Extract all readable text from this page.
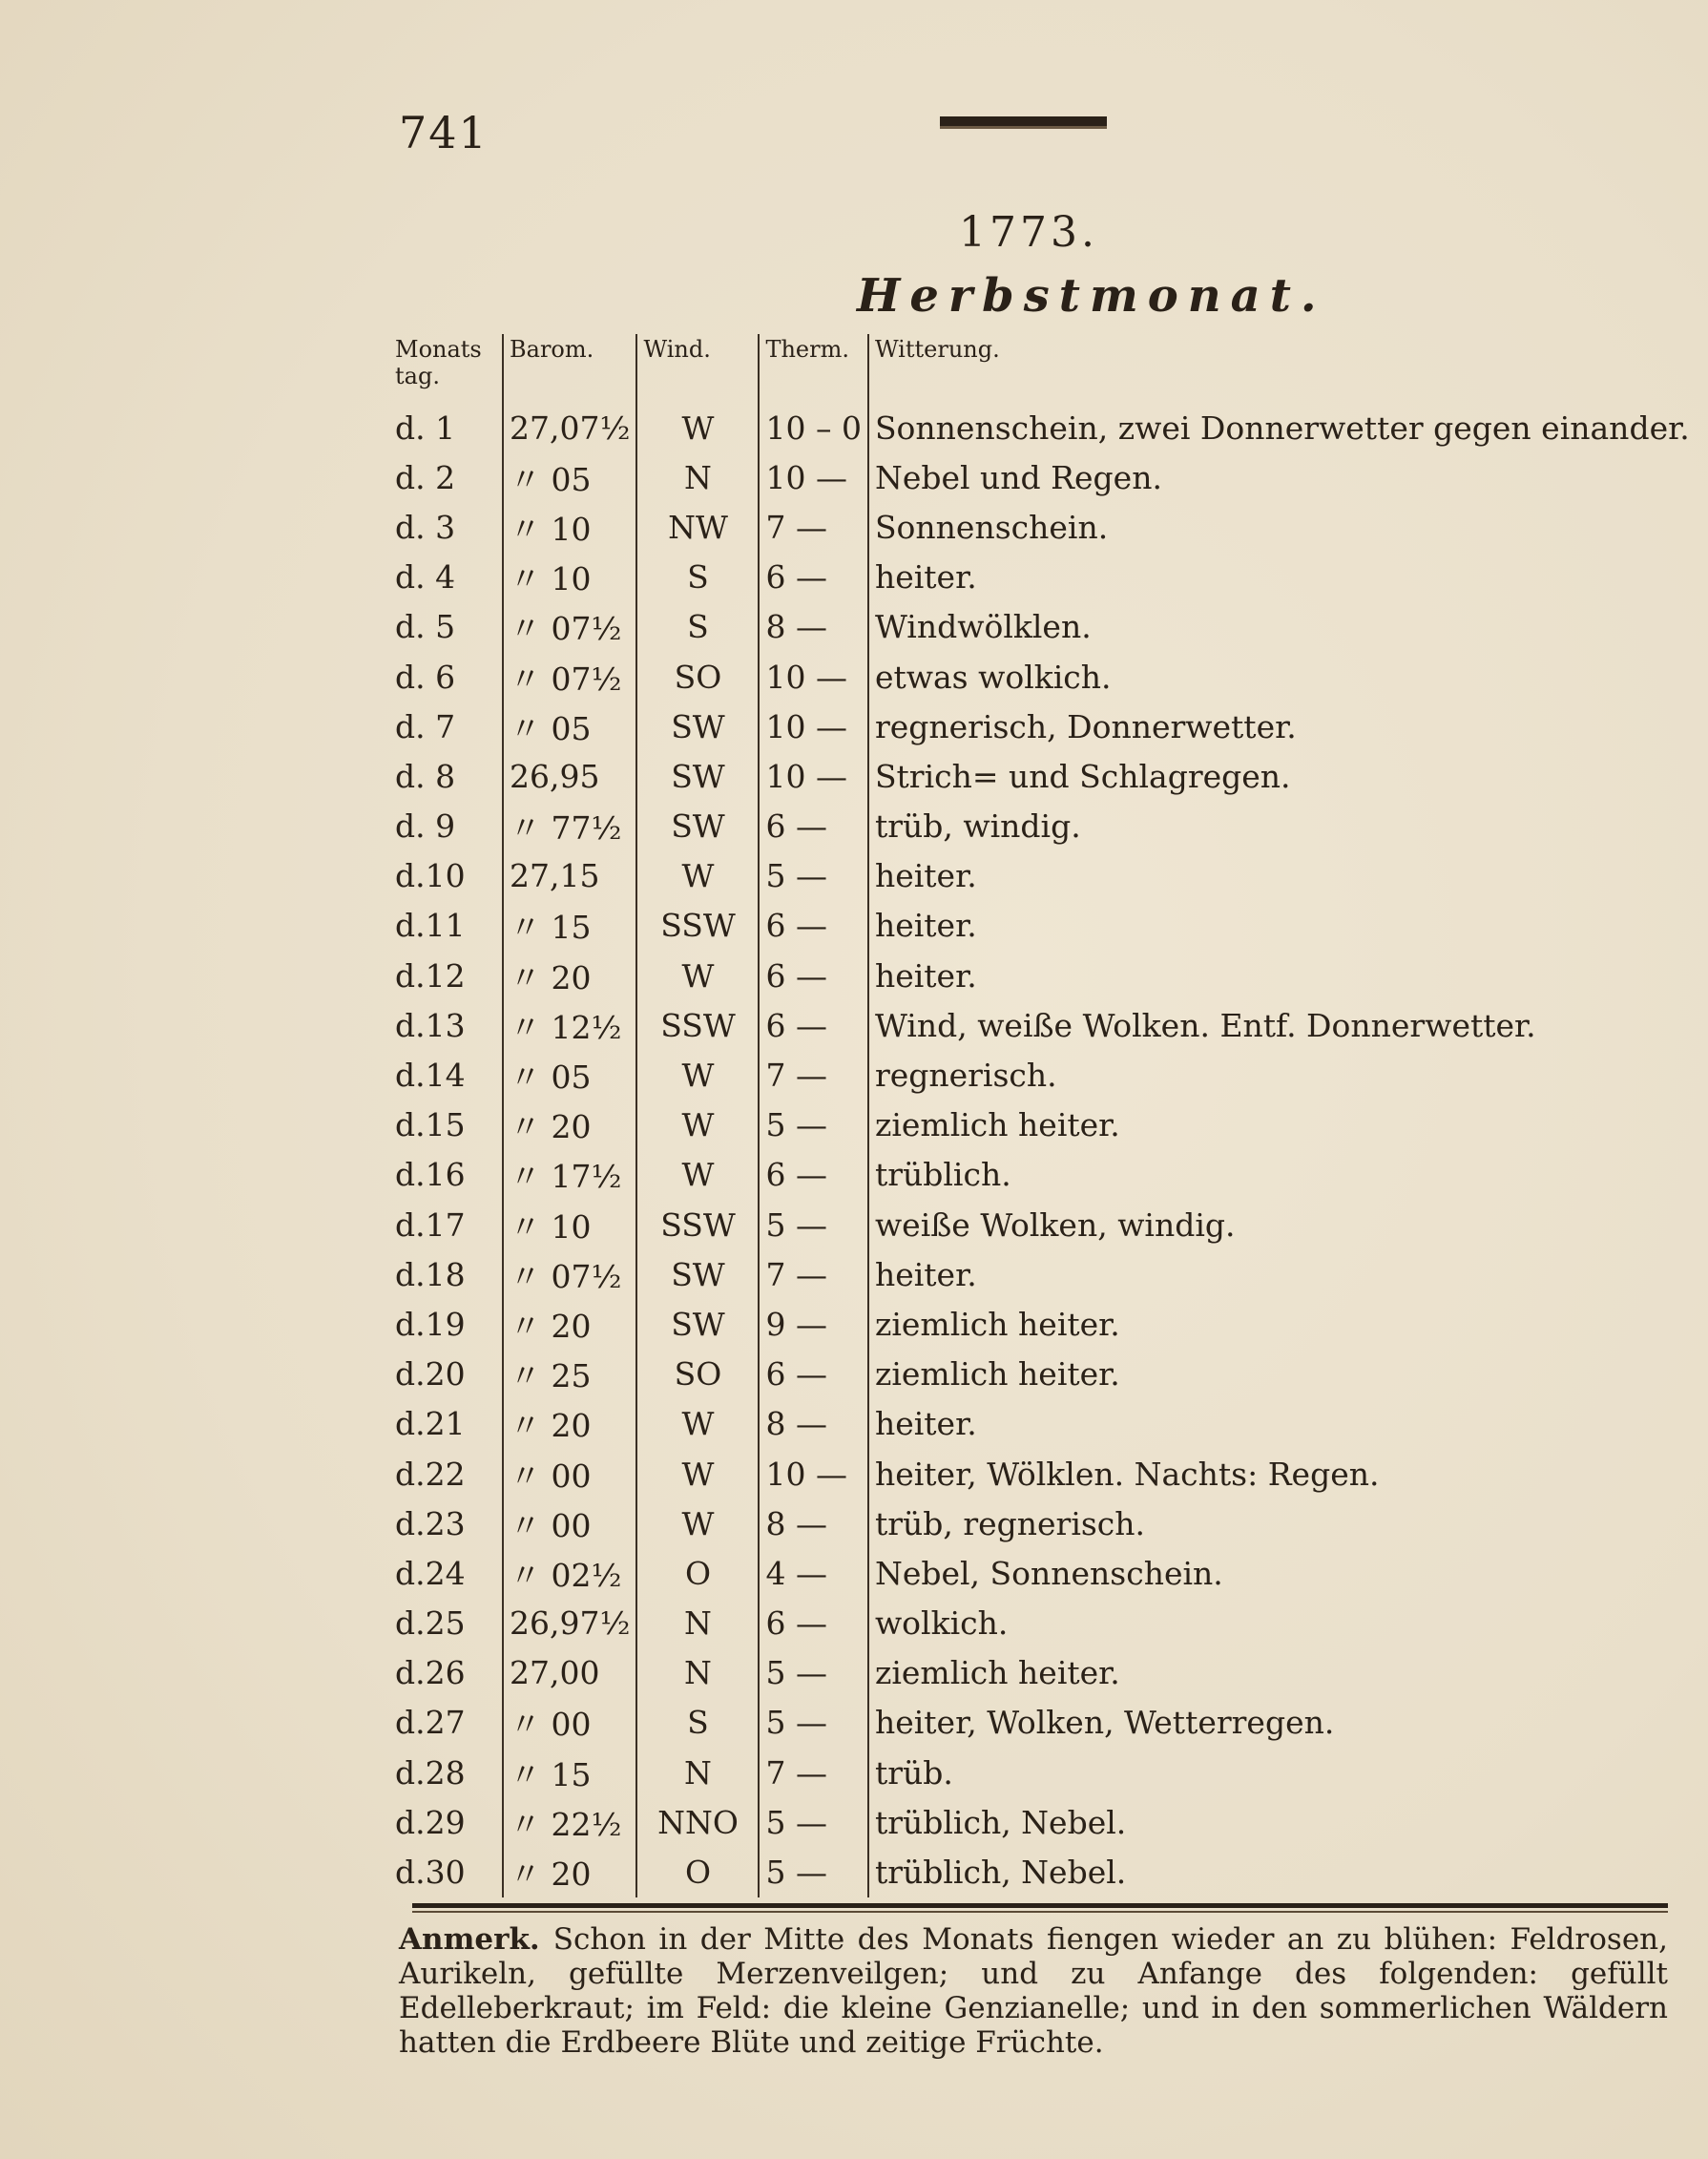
741
1773.
Herbstmonat.
Monats tag.	Barom.	Wind.	Therm.	Witterung.
d. 1	27,07½	W	10 – 0	Sonnenschein, zwei Donnerwetter gegen einander.
d. 2	〃 05	N	10 —	Nebel und Regen.
d. 3	〃 10	NW	7 —	Sonnenschein.
d. 4	〃 10	S	6 —	heiter.
d. 5	〃 07½	S	8 —	Windwölklen.
d. 6	〃 07½	SO	10 —	etwas wolkich.
d. 7	〃 05	SW	10 —	regnerisch, Donnerwetter.
d. 8	26,95	SW	10 —	Strich= und Schlagregen.
d. 9	〃 77½	SW	6 —	trüb, windig.
d.10	27,15	W	5 —	heiter.
d.11	〃 15	SSW	6 —	heiter.
d.12	〃 20	W	6 —	heiter.
d.13	〃 12½	SSW	6 —	Wind, weiße Wolken. Entf. Donnerwetter.
d.14	〃 05	W	7 —	regnerisch.
d.15	〃 20	W	5 —	ziemlich heiter.
d.16	〃 17½	W	6 —	trüblich.
d.17	〃 10	SSW	5 —	weiße Wolken, windig.
d.18	〃 07½	SW	7 —	heiter.
d.19	〃 20	SW	9 —	ziemlich heiter.
d.20	〃 25	SO	6 —	ziemlich heiter.
d.21	〃 20	W	8 —	heiter.
d.22	〃 00	W	10 —	heiter, Wölklen. Nachts: Regen.
d.23	〃 00	W	8 —	trüb, regnerisch.
d.24	〃 02½	O	4 —	Nebel, Sonnenschein.
d.25	26,97½	N	6 —	wolkich.
d.26	27,00	N	5 —	ziemlich heiter.
d.27	〃 00	S	5 —	heiter, Wolken, Wetterregen.
d.28	〃 15	N	7 —	trüb.
d.29	〃 22½	NNO	5 —	trüblich, Nebel.
d.30	〃 20	O	5 —	trüblich, Nebel.
Anmerk. Schon in der Mitte des Monats fiengen wieder an zu blühen: Feldrosen, Aurikeln, gefüllte Merzenveilgen; und zu Anfange des folgenden: gefüllt Edelleberkraut; im Feld: die kleine Genzianelle; und in den sommerlichen Wäldern hatten die Erdbeere Blüte und zeitige Früchte.
